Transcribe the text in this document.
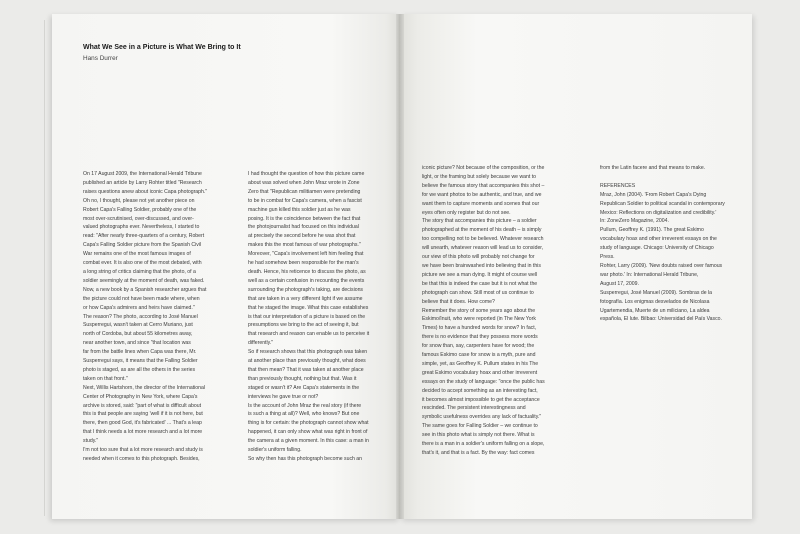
What We See in a Picture is What We Bring to It
Hans Durrer
On 17 August 2009, the International Herald Tribune
published an article by Larry Rohter titled "Research
raises questions anew about iconic Capa photograph."
Oh no, I thought, please not yet another piece on
Robert Capa's Falling Soldier, probably one of the
most over-scrutinised, over-discussed, and over-
valued photographs ever. Nevertheless, I started to
read: "After nearly three-quarters of a century, Robert
Capa's Falling Soldier picture from the Spanish Civil
War remains one of the most famous images of
combat ever. It is also one of the most debated, with
a long string of critics claiming that the photo, of a
soldier seemingly at the moment of death, was faked.
Now, a new book by a Spanish researcher argues that
the picture could not have been made where, when
or how Capa's admirers and heirs have claimed."
The reason? The photo, according to José Manuel
Susperregui, wasn't taken at Cerro Muriano, just
north of Cordoba, but about 55 kilometres away,
near another town, and since "that location was
far from the battle lines when Capa was there, Mr.
Susperregui says, it means that the Falling Soldier
photo is staged, as are all the others in the series
taken on that front."
Next, Willis Hartshorn, the director of the International
Center of Photography in New York, where Capa's
archive is stored, said: "part of what is difficult about
this is that people are saying 'well if it is not here, but
there, then good God, it's fabricated' ... That's a leap
that I think needs a lot more research and a lot more
study."
I'm not too sure that a lot more research and study is
needed when it comes to this photograph. Besides,
I had thought the question of how this picture came
about was solved when John Mraz wrote in Zone
Zero that "Republican militiamen were pretending
to be in combat for Capa's camera, when a fascist
machine gun killed this soldier just as he was
posing. It is the coincidence between the fact that
the photojournalist had focused on this individual
at precisely the second before he was shot that
makes this the most famous of war photographs."
Moreover, "Capa's involvement left him feeling that
he had somehow been responsible for the man's
death. Hence, his reticence to discuss the photo, as
well as a certain confusion in recounting the events
surrounding the photograph's taking, are decisions
that are taken in a very different light if we assume
that he staged the image. What this case establishes
is that our interpretation of a picture is based on the
presumptions we bring to the act of seeing it, but
that research and reason can enable us to perceive it
differently."
So if research shows that this photograph was taken
at another place than previously thought, what does
that then mean? That it was taken at another place
than previously thought, nothing but that. Was it
staged or wasn't it? Are Capa's statements in the
interviews he gave true or not?
Is the account of John Mraz the real story (if there
is such a thing at all)? Well, who knows? But one
thing is for certain: the photograph cannot show what
happened, it can only show what was right in front of
the camera at a given moment. In this case: a man in
soldier's uniform falling.
So why then has this photograph become such an
iconic picture? Not because of the composition, or the
light, or the framing but solely because we want to
believe the famous story that accompanies this shot –
for we want photos to be authentic, and true, and we
want them to capture moments and scenes that our
eyes often only register but do not see.
The story that accompanies this picture – a soldier
photographed at the moment of his death – is simply
too compelling not to be believed. Whatever research
will unearth, whatever reason will lead us to consider,
our view of this photo will probably not change for
we have been brainwashed into believing that in this
picture we see a man dying. It might of course well
be that this is indeed the case but it is not what the
photograph can show. Still most of us continue to
believe that it does. How come?
Remember the story of some years ago about the
Eskimo/Inuit, who were reported (in The New York
Times) to have a hundred words for snow? In fact,
there is no evidence that they possess more words
for snow than, say, carpenters have for wood; the
famous Eskimo case for snow is a myth, pure and
simple, yet, as Geoffrey K. Pullum states in his The
great Eskimo vocabulary hoax and other irreverent
essays on the study of language: "once the public has
decided to accept something as an interesting fact,
it becomes almost impossible to get the acceptance
rescinded. The persistent interestingness and
symbolic usefulness overrides any lack of factuality."
The same goes for Falling Soldier – we continue to
see in this photo what is simply not there. What is
there is a man in a soldier's uniform falling on a slope,
that's it, and that is a fact. By the way: fact comes
from the Latin facere and that means to make.

REFERENCES
Mraz, John (2004). 'From Robert Capa's Dying
Republican Soldier to political scandal in contemporary
Mexico: Reflections on digitalization and credibility.'
In: ZoneZero Magazine, 2004.
Pullum, Geoffrey K. (1991). The great Eskimo
vocabulary hoax and other irreverent essays on the
study of language. Chicago: University of Chicago
Press.
Rohter, Larry (2009). 'New doubts raised over famous
war photo.' In: International Herald Tribune,
August 17, 2009.
Susperregui, José Manuel (2009). Sombras de la
fotografía. Los enigmas desvelados de Nicolasa
Ugartemendia, Muerte de un miliciano, La aldea
española, El lute. Bilbao: Universidad del País Vasco.
